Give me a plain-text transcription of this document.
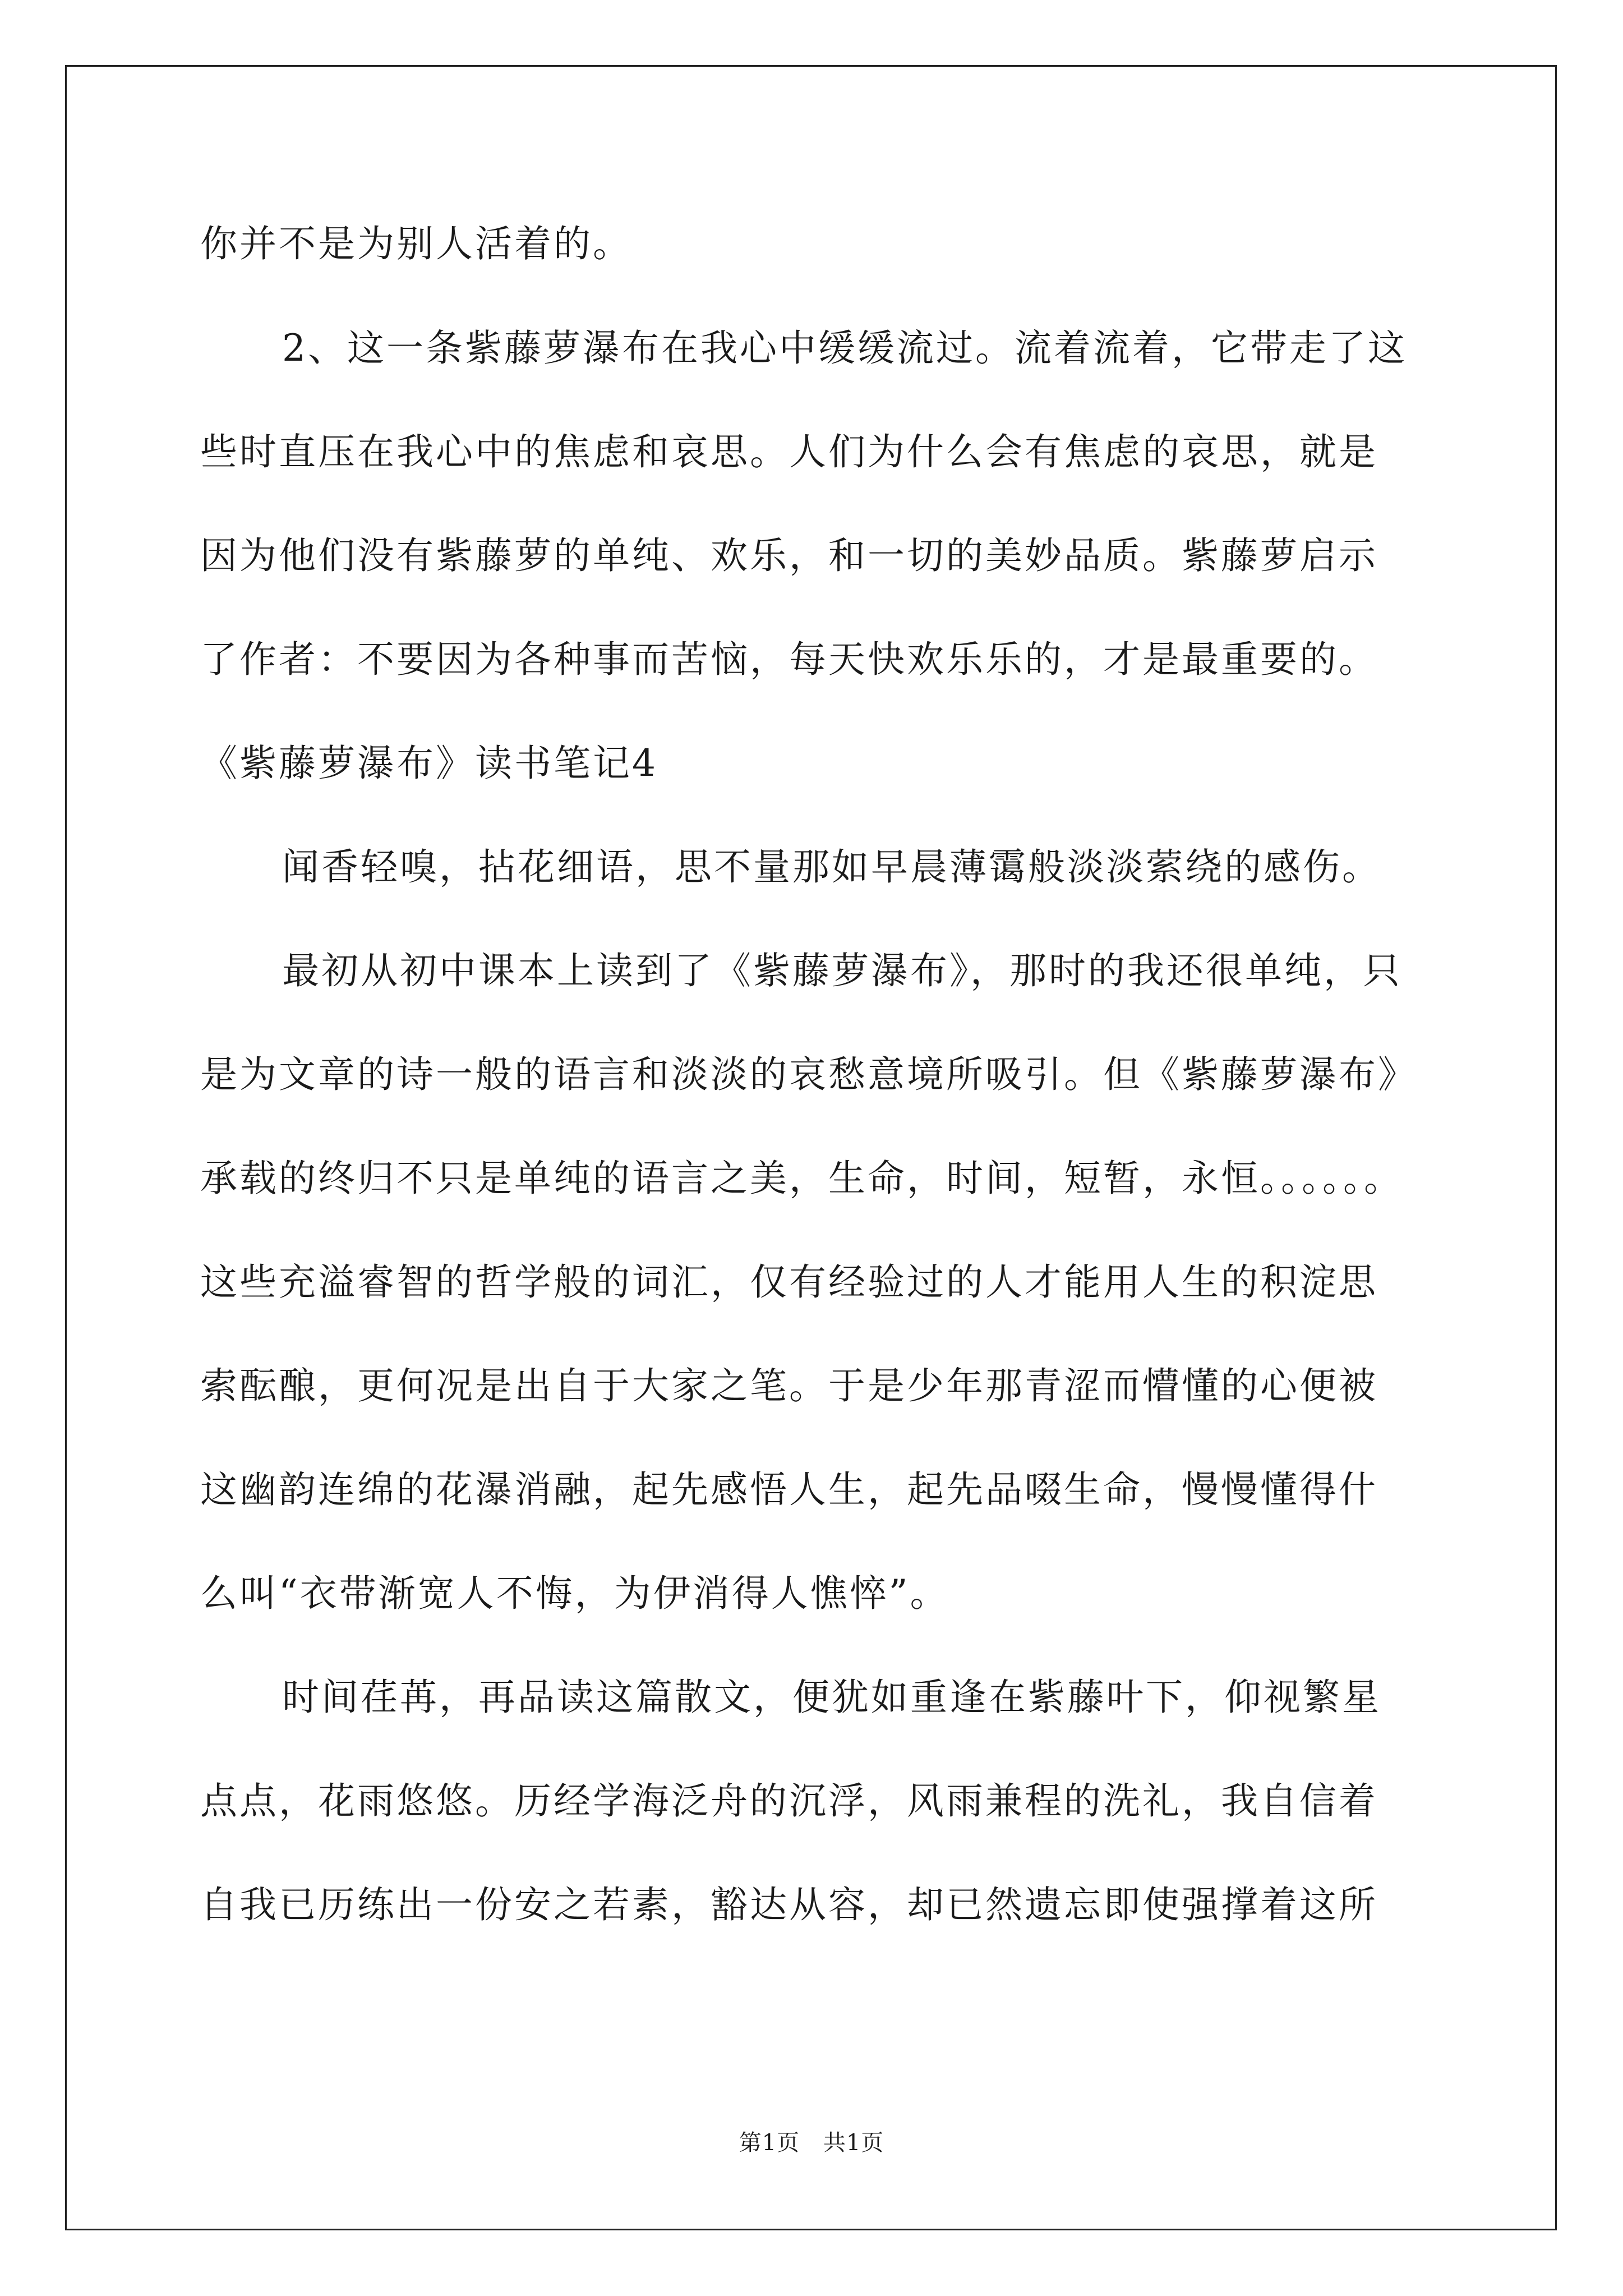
你并不是为别人活着的。
2、这一条紫藤萝瀑布在我心中缓缓流过。流着流着，它带走了这
些时直压在我心中的焦虑和哀思。人们为什么会有焦虑的哀思，就是
因为他们没有紫藤萝的单纯、欢乐，和一切的美妙品质。紫藤萝启示
了作者：不要因为各种事而苦恼，每天快欢乐乐的，才是最重要的。
《紫藤萝瀑布》读书笔记4
闻香轻嗅，拈花细语，思不量那如早晨薄霭般淡淡萦绕的感伤。
最初从初中课本上读到了《紫藤萝瀑布》，那时的我还很单纯，只
是为文章的诗一般的语言和淡淡的哀愁意境所吸引。但《紫藤萝瀑布》
承载的终归不只是单纯的语言之美，生命，时间，短暂，永恒。。。。。。
这些充溢睿智的哲学般的词汇，仅有经验过的人才能用人生的积淀思
索酝酿，更何况是出自于大家之笔。于是少年那青涩而懵懂的心便被
这幽韵连绵的花瀑消融，起先感悟人生，起先品啜生命，慢慢懂得什
么叫“衣带渐宽人不悔，为伊消得人憔悴”。
时间荏苒，再品读这篇散文，便犹如重逢在紫藤叶下，仰视繁星
点点，花雨悠悠。历经学海泛舟的沉浮，风雨兼程的洗礼，我自信着
自我已历练出一份安之若素，豁达从容，却已然遗忘即使强撑着这所
第1页 共1页
